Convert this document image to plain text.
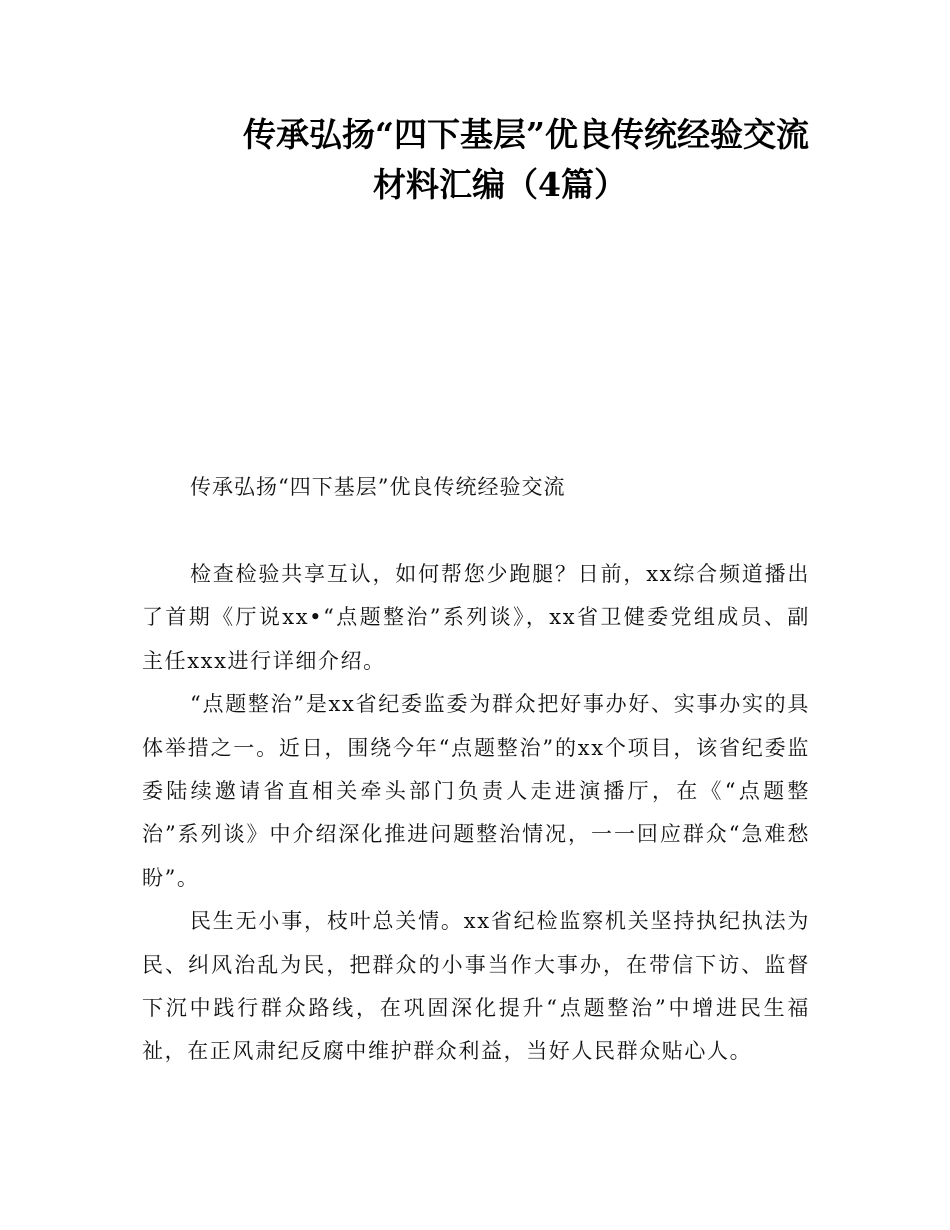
传承弘扬“四下基层”优良传统经验交流
材料汇编（4篇）
传承弘扬“四下基层”优良传统经验交流

检查检验共享互认，如何帮您少跑腿？日前，xx综合频道播出了首期《厅说xx•“点题整治”系列谈》，xx省卫健委党组成员、副主任xxx进行详细介绍。

“点题整治”是xx省纪委监委为群众把好事办好、实事办实的具体举措之一。近日，围绕今年“点题整治”的xx个项目，该省纪委监委陆续邀请省直相关牵头部门负责人走进演播厅，在《“点题整治”系列谈》中介绍深化推进问题整治情况，一一回应群众“急难愁盼”。

民生无小事，枝叶总关情。xx省纪检监察机关坚持执纪执法为民、纠风治乱为民，把群众的小事当作大事办，在带信下访、监督下沉中践行群众路线，在巩固深化提升“点题整治”中增进民生福祉，在正风肃纪反腐中维护群众利益，当好人民群众贴心人。
